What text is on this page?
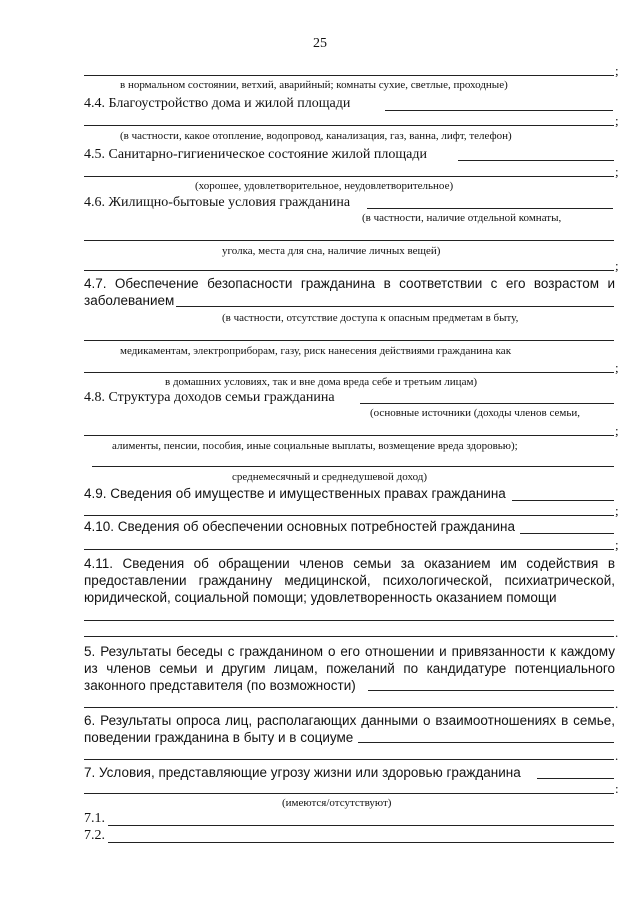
25
;
в нормальном состоянии, ветхий, аварийный; комнаты сухие, светлые, проходные)
4.4. Благоустройство дома и жилой площади
;
(в частности, какое отопление, водопровод, канализация, газ, ванна, лифт, телефон)
4.5. Санитарно-гигиеническое состояние жилой площади
;
(хорошее, удовлетворительное, неудовлетворительное)
4.6. Жилищно-бытовые условия гражданина
(в частности, наличие отдельной комнаты,
уголка, места для сна, наличие личных вещей)
;
4.7. Обеспечение безопасности гражданина в соответствии с его возрастом и
заболеванием
(в частности, отсутствие доступа к опасным предметам в быту,
медикаментам, электроприборам, газу, риск нанесения действиями гражданина как
;
в домашних условиях, так и вне дома вреда себе и третьим лицам)
4.8. Структура доходов семьи гражданина
(основные источники (доходы членов семьи,
;
алименты, пенсии, пособия, иные социальные выплаты, возмещение вреда здоровью);
среднемесячный и среднедушевой доход)
4.9. Сведения об имуществе и имущественных правах гражданина
;
4.10. Сведения об обеспечении основных потребностей гражданина
;
4.11. Сведения об обращении членов семьи за оказанием им содействия в предоставлении гражданину медицинской, психологической, психиатрической, юридической, социальной помощи; удовлетворенность оказанием помощи
.
5. Результаты беседы с гражданином о его отношении и привязанности к каждому из членов семьи и другим лицам, пожеланий по кандидатуре потенциального законного представителя (по возможности)
.
6. Результаты опроса лиц, располагающих данными о взаимоотношениях в семье, поведении гражданина в быту и в социуме
.
7. Условия, представляющие угрозу жизни или здоровью гражданина
:
(имеются/отсутствуют)
7.1.
7.2.
